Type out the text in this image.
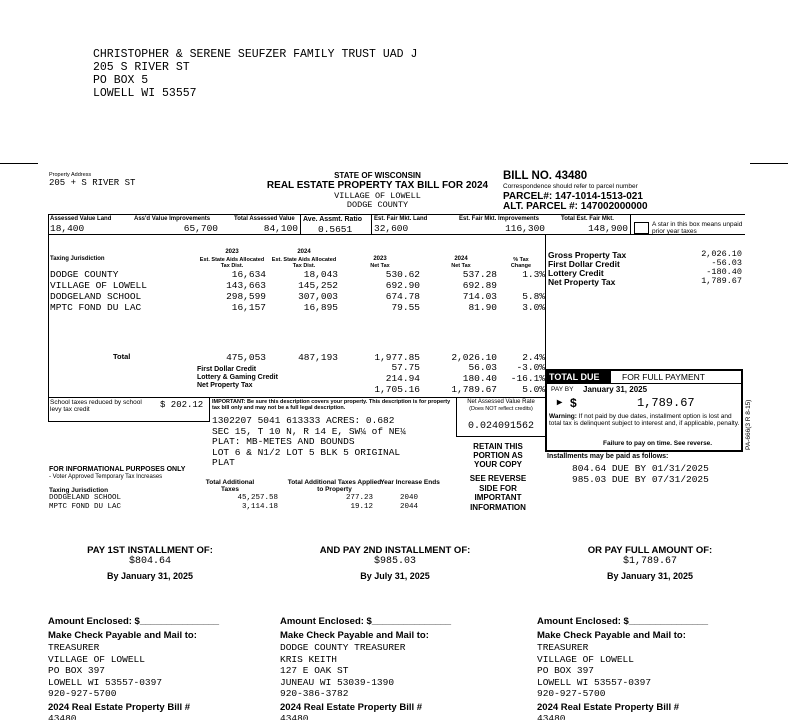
CHRISTOPHER & SERENE SEUFZER FAMILY TRUST UAD J
205 S RIVER ST
PO BOX 5
LOWELL WI 53557
Property Address
205 + S RIVER ST
STATE OF WISCONSIN
REAL ESTATE PROPERTY TAX BILL FOR 2024
VILLAGE OF LOWELL
DODGE COUNTY
BILL NO. 43480
Correspondence should refer to parcel number
PARCEL#: 147-1014-1513-021
ALT. PARCEL #: 147002000000
Assessed Value Land
18,400
Ass'd Value Improvements
65,700
Total Assessed Value
84,100
Ave. Assmt. Ratio
0.5651
Est. Fair Mkt. Land
32,600
Est. Fair Mkt. Improvements
116,300
Total Est. Fair Mkt.
148,900	A star in this box means unpaid prior year taxes
Taxing Jurisdiction
2023
Est. State Aids Allocated Tax Dist.
2024
Est. State Aids Allocated Tax Dist.
2023
Net Tax
2024
Net Tax
% Tax Change
DODGE COUNTY	16,634	18,043	530.62	537.28	1.3%
VILLAGE OF LOWELL	143,663	145,252	692.90	692.89
DODGELAND SCHOOL	298,599	307,003	674.78	714.03	5.8%
MPTC FOND DU LAC	16,157	16,895	79.55	81.90	3.0%
Total	475,053	487,193	1,977.85	2,026.10	2.4%
First Dollar Credit	57.75	56.03	-3.0%
Lottery & Gaming Credit	214.94	180.40	-16.1%
Net Property Tax	1,705.16	1,789.67	5.0%
Gross Property Tax	2,026.10
First Dollar Credit	-56.03
Lottery Credit	-180.40
Net Property Tax	1,789.67
School taxes reduced by school levy tax credit	$ 202.12 IMPORTANT: Be sure this description covers your property. This description is for property tax bill only and may not be a full legal description.
1302207 5041 613333 ACRES: 0.682
SEC 15, T 10 N, R 14 E, SW¼ of NE¼
PLAT: MB-METES AND BOUNDS
LOT 6 & N1/2 LOT 5 BLK 5 ORIGINAL
PLAT
Net Assessed Value Rate
(Does NOT reflect credits)
0.024091562
RETAIN THIS
PORTION AS
YOUR COPY
SEE REVERSE
SIDE FOR
IMPORTANT
INFORMATION
TOTAL DUE	FOR FULL PAYMENT
PAY BY January 31, 2025
▸ $	1,789.67
Warning: If not paid by due dates, installment option is lost and total tax is delinquent subject to interest and, if applicable, penalty.
Failure to pay on time. See reverse.
Installments may be paid as follows:
804.64 DUE BY 01/31/2025
985.03 DUE BY 07/31/2025
PA-666(3 R 8-15)
FOR INFORMATIONAL PURPOSES ONLY
- Voter Approved Temporary Tax Increases
Taxing Jurisdiction
Total Additional Taxes
Total Additional Taxes Applied to Property
Year Increase Ends
DODGELAND SCHOOL	45,257.58	277.23	2040
MPTC FOND DU LAC	3,114.18	19.12	2044
PAY 1ST INSTALLMENT OF:
$804.64
By January 31, 2025
AND PAY 2ND INSTALLMENT OF:
$985.03
By July 31, 2025
OR PAY FULL AMOUNT OF:
$1,789.67
By January 31, 2025
Amount Enclosed: $_______________
Make Check Payable and Mail to:
TREASURER
VILLAGE OF LOWELL
PO BOX 397
LOWELL WI 53557-0397
920-927-5700
2024 Real Estate Property Bill #
43480
Amount Enclosed: $_______________
Make Check Payable and Mail to:
DODGE COUNTY TREASURER
KRIS KEITH
127 E OAK ST
JUNEAU WI 53039-1390
920-386-3782
2024 Real Estate Property Bill #
43480
Amount Enclosed: $_______________
Make Check Payable and Mail to:
TREASURER
VILLAGE OF LOWELL
PO BOX 397
LOWELL WI 53557-0397
920-927-5700
2024 Real Estate Property Bill #
43480
